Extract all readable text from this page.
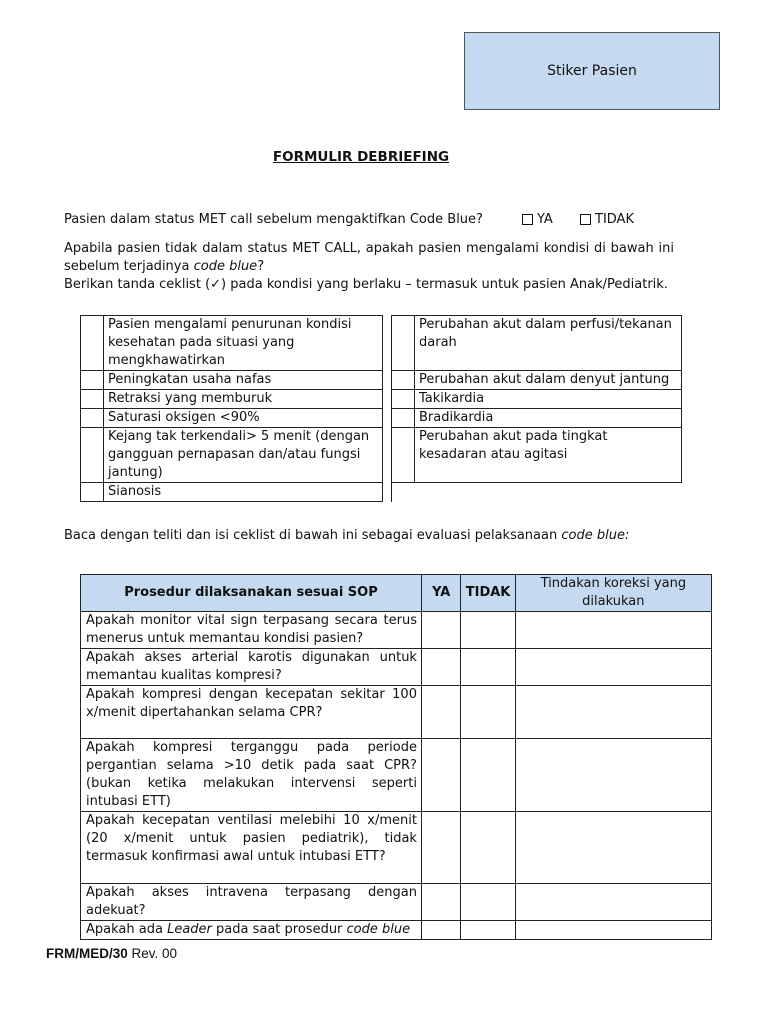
Stiker Pasien
FORMULIR DEBRIEFING
Pasien dalam status MET call sebelum mengaktifkan Code Blue?	YA	TIDAK

Apabila pasien tidak dalam status MET CALL, apakah pasien mengalami kondisi di bawah ini sebelum terjadinya code blue?

Berikan tanda ceklist (✓) pada kondisi yang berlaku – termasuk untuk pasien Anak/Pediatrik.

	Pasien mengalami penurunan kondisi kesehatan pada situasi yang mengkhawatirkan			Perubahan akut dalam perfusi/tekanan darah
	Peningkatan usaha nafas			Perubahan akut dalam denyut jantung
	Retraksi yang memburuk			Takikardia
	Saturasi oksigen <90%			Bradikardia
	Kejang tak terkendali> 5 menit (dengan gangguan pernapasan dan/atau fungsi jantung)			Perubahan akut pada tingkat kesadaran atau agitasi
	Sianosis			
Baca dengan teliti dan isi ceklist di bawah ini sebagai evaluasi pelaksanaan code blue:
Prosedur dilaksanakan sesuai SOP	YA	TIDAK	Tindakan koreksi yang dilakukan
Apakah monitor vital sign terpasang secara terus menerus untuk memantau kondisi pasien?			
Apakah akses arterial karotis digunakan untuk memantau kualitas kompresi?			
Apakah kompresi dengan kecepatan sekitar 100 x/menit dipertahankan selama CPR?			
Apakah kompresi terganggu pada periode pergantian selama >10 detik pada saat CPR? (bukan ketika melakukan intervensi seperti intubasi ETT)			
Apakah kecepatan ventilasi melebihi 10 x/menit (20 x/menit untuk pasien pediatrik), tidak termasuk konfirmasi awal untuk intubasi ETT?			
Apakah akses intravena terpasang dengan adekuat?			
Apakah ada Leader pada saat prosedur code blue			
FRM/MED/30 Rev. 00
